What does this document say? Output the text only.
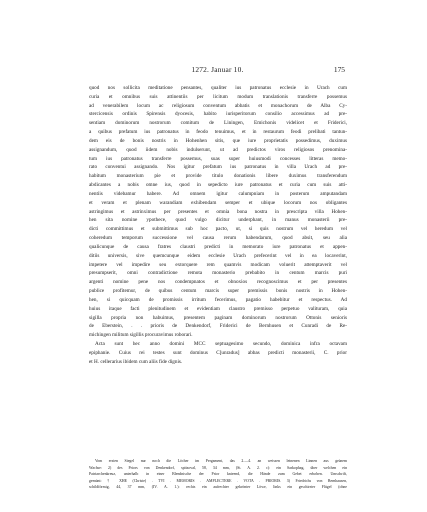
1272. Januar 10.	175
quod nos sollicita meditatione pensantes, qualiter ius patronatus ecclesie in Urach cum
curia et omnibus suis attinentiis per licitum modum translationis transferre possemus
ad venerabilem locum ac religiosum conventum abbatis et monachorum de Alba Cy-
stercicensis ordinis Spirensis dyocesis, habito iurisperitorum consilio accessimus ad pre-
sentiam dominorum nostrorum comitum de Liningen, Emichonis videlicet et Friderici,
a quibus prefatum ius patronatus in feodo tenuimus, et in restaurum feodi prelibati tantun-
dem eis de bonis nostris in Hohenhen sitis, que iure proprietatis possedimus, duximus
assignandum, quod iidem nobis indulserunt, ut ad predictos viros religiosos prenomina-
tum ius patronatus transferre possemus, suas super huiusmodi concesses litteras memo-
rato conventui assignando. Nos igitur prefatum ius patronatus in villa Urach ad pre-
habitum monasterium pie et provide titulo donationis libere duximus transferendum
abdicantes a nobis omne ius, quod in sepedicto iure patronatus et curia cum suis atti-
nentiis videbamur habere. Ad omnem igitur calumpniam in posterum amputandam
et veram et plenam warandiam exhibendam semper et ubique locorum nos obligantes
astringimus et astrinximus per presentes et omnia bona nostra in prescripta villa Hohen-
hen sita nomine ypothece, quod vulgo dicitur underphant, in manus monasterii pre-
dicti committimus et submittimus sub hoc pacto, ut, si quis nostrum vel heredum vel
coheredum temporum successione vel causa rerum habendarum, quod absit, seu alia
qualicunque de causa fratres claustri predicti in memorato iure patronatus et appen-
ditiis universis, sive quemcunque eidem ecclesie Urach prefecerint vel in ea locaverint,
impetere vel impedire seu extorquere rem quamvis modicam voluerit attemptaverit vel
presumpserit, omni contradictione remota monasterio prebabito in centum marcis puri
argenti nomine pene nos condempnatos et obnoxios recognoscimus et per presentes
publice profitemur, de quibus centum marcis super premissis bonis nostris in Hohen-
hen, si quicquam de promissis irritum fecerimus, pagatio habebitur et respectus. Ad
huius itaque facti plenitudinem et evidentiam claustro premisso perpetuo valituram, quia
sigilla propria non habuimus, presentem paginam dominorum nostrorum Ottonis senioris
de Eberstein, . . prioris de Denkendorf, Friderici de Bernhusen et Cunradi de Re-
michingen militum sigillis procuravimus roborari.
Acta sunt hec anno domini MCC septuagesimo secundo, dominica infra octavam
epiphanie. Cuius rei testes sunt dominus C[unradus] abbas predicti monasterii, C. prior
et H. cellerarius ibidem cum aliis fide dignis.
Vom ersten Siegel nur noch die Löcher im Pergament, das 2.—4. an weissen leinenen Linnen aus grünem
Wachse: 2) des Priors von Denkendorf, spitzoval, 58, 34 mm, (St. A. 2. c): ein Sarkophag, über welchen ein
Patriarchenkreuz, unterhalb in einer Blendnische der Prior knieend, die Hände zum Gebet erhoben. Umschrift,
gemünt: † XHE (Christe) . TVI . MEMORIS . AMPLECTERE . VOTA . PRIORIS. 3) Friedrichs von Bernhausen,
schildförmig, 44, 37 mm, (IV. A. 1.): rechts ein aufrechter gekrönter Löwe, links ein geschirrter Flügel (ohne
